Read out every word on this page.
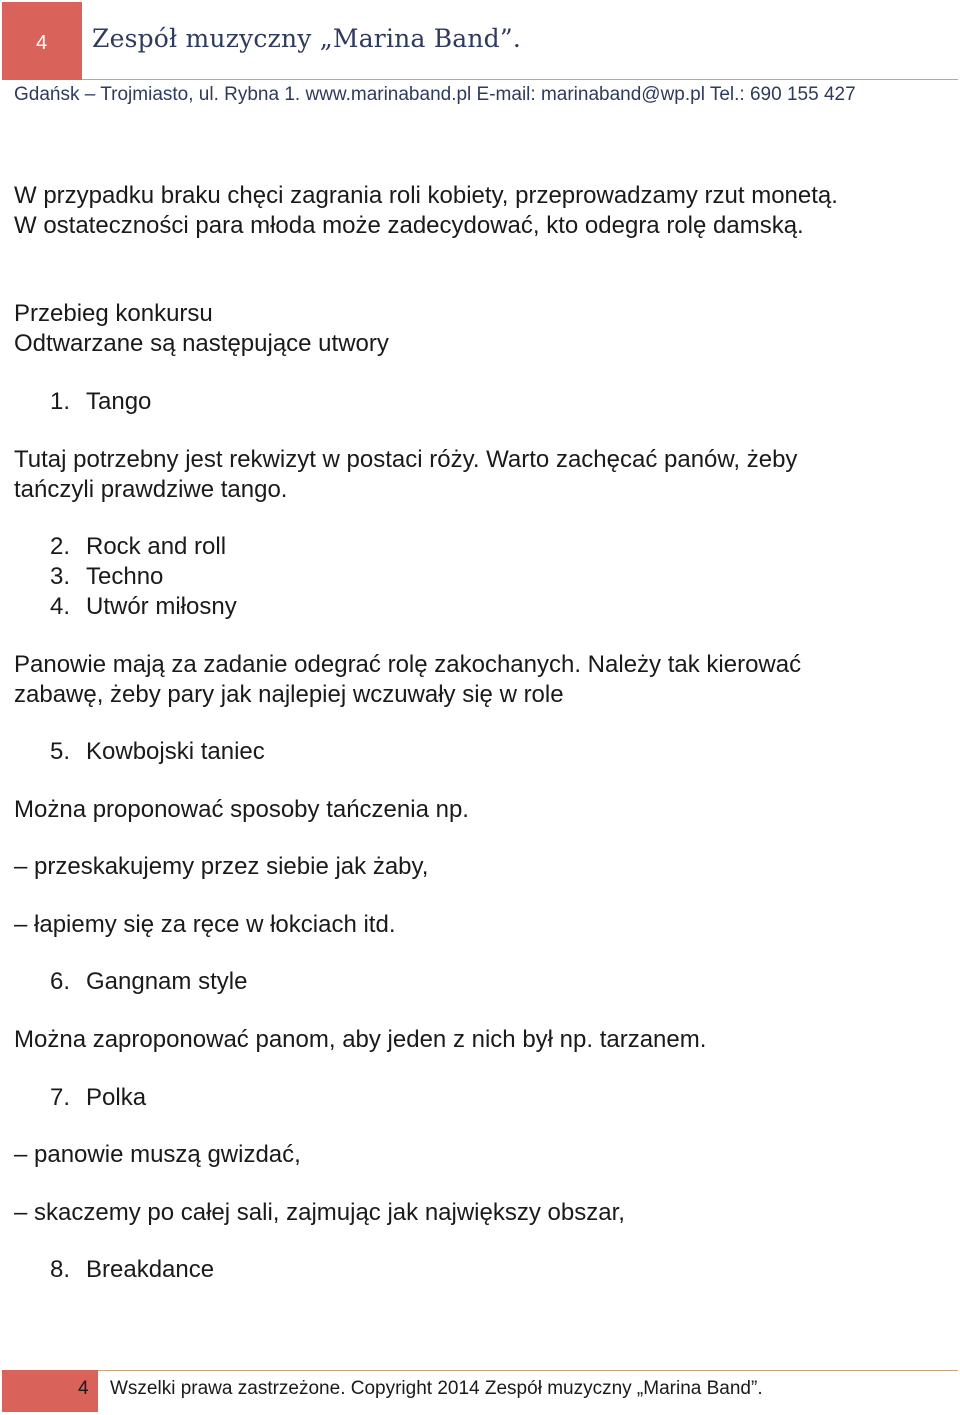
4	Zespół muzyczny „Marina Band”.
Gdańsk – Trojmiasto, ul. Rybna 1. www.marinaband.pl E-mail: marinaband@wp.pl Tel.: 690 155 427
W przypadku braku chęci zagrania roli kobiety, przeprowadzamy rzut monetą.
W ostateczności para młoda może zadecydować, kto odegra rolę damską.
Przebieg konkursu
Odtwarzane są następujące utwory
1. Tango
Tutaj potrzebny jest rekwizyt w postaci róży. Warto zachęcać panów, żeby
tańczyli prawdziwe tango.
2. Rock and roll
3. Techno
4. Utwór miłosny
Panowie mają za zadanie odegrać rolę zakochanych. Należy tak kierować
zabawę, żeby pary jak najlepiej wczuwały się w role
5. Kowbojski taniec
Można proponować sposoby tańczenia np.
– przeskakujemy przez siebie jak żaby,
– łapiemy się za ręce w łokciach itd.
6. Gangnam style
Można zaproponować panom, aby jeden z nich był np. tarzanem.
7. Polka
– panowie muszą gwizdać,
– skaczemy po całej sali, zajmując jak największy obszar,
8. Breakdance
4 Wszelki prawa zastrzeżone. Copyright 2014 Zespół muzyczny „Marina Band”.
